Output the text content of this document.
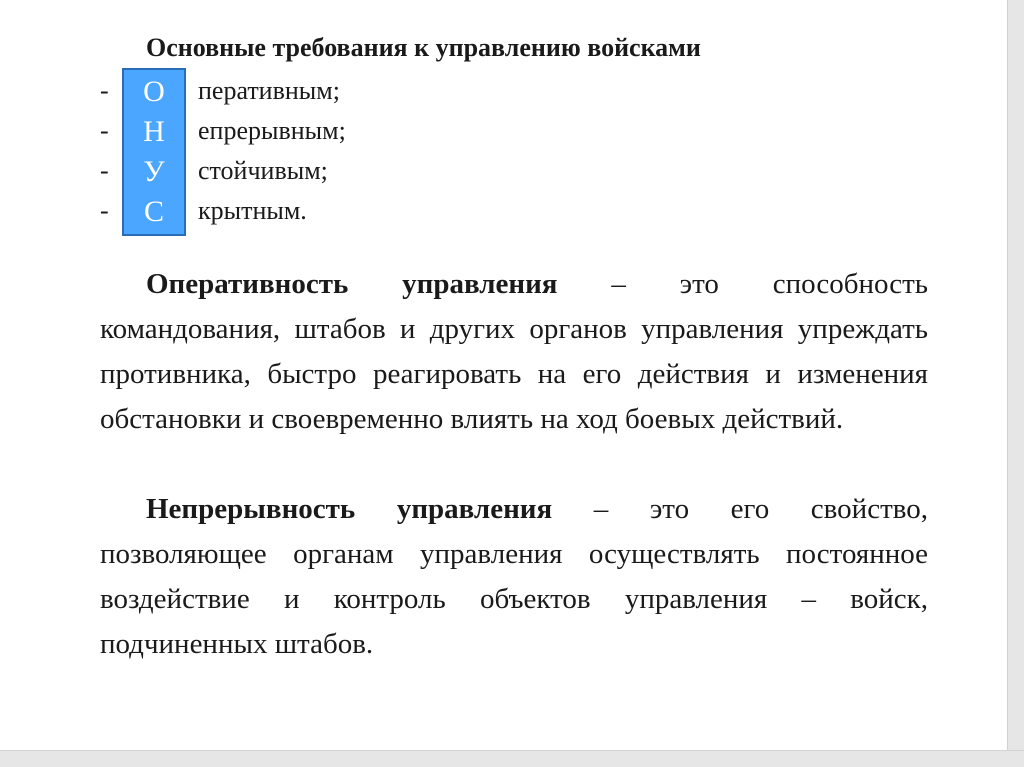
Основные требования к управлению войсками
-	перативным;
-	епрерывным;
-	стойчивым;
-	крытным.
О
Н
У
С

Оперативность управления – это способность командования, штабов и других органов управления упреждать противника, быстро реагировать на его действия и изменения обстановки и своевременно влиять на ход боевых действий.

Непрерывность управления – это его свойство, позволяющее органам управления осуществлять постоянное воздействие и контроль объектов управления – войск, подчиненных штабов.
